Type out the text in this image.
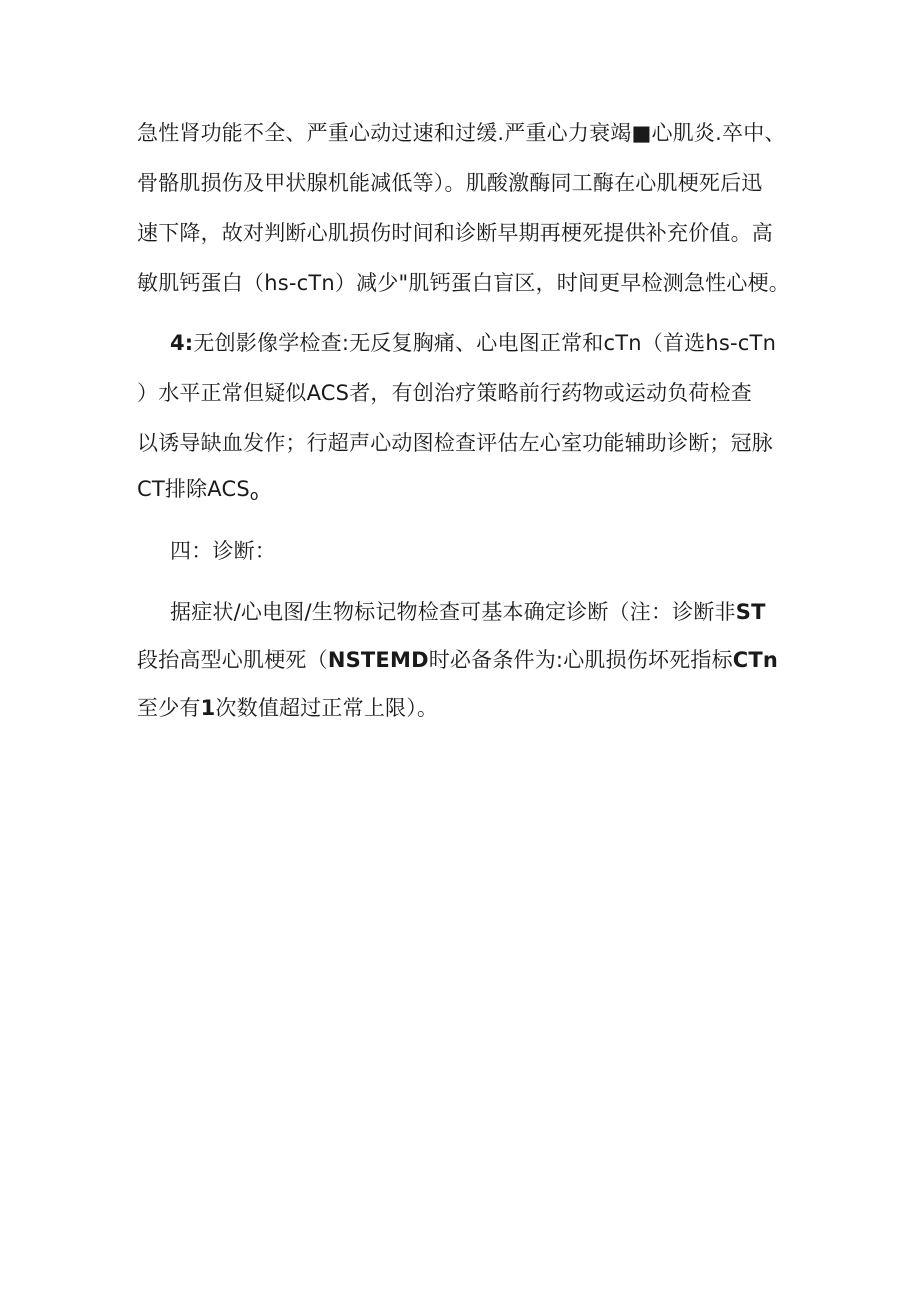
急性肾功能不全、严重心动过速和过缓.严重心力衰竭■心肌炎.卒中、
骨骼肌损伤及甲状腺机能减低等）。肌酸激酶同工酶在心肌梗死后迅
速下降，故对判断心肌损伤时间和诊断早期再梗死提供补充价值。高
敏肌钙蛋白（hs-cTn）减少"肌钙蛋白盲区，时间更早检测急性心梗。
4:无创影像学检查:无反复胸痛、心电图正常和cTn（首选hs-cTn
）水平正常但疑似ACS者，有创治疗策略前行药物或运动负荷检查
以诱导缺血发作；行超声心动图检查评估左心室功能辅助诊断；冠脉
CT排除ACSo
四：诊断：
据症状/心电图/生物标记物检查可基本确定诊断（注：诊断非ST
段抬高型心肌梗死（NSTEMD时必备条件为:心肌损伤坏死指标CTn
至少有1次数值超过正常上限）。
